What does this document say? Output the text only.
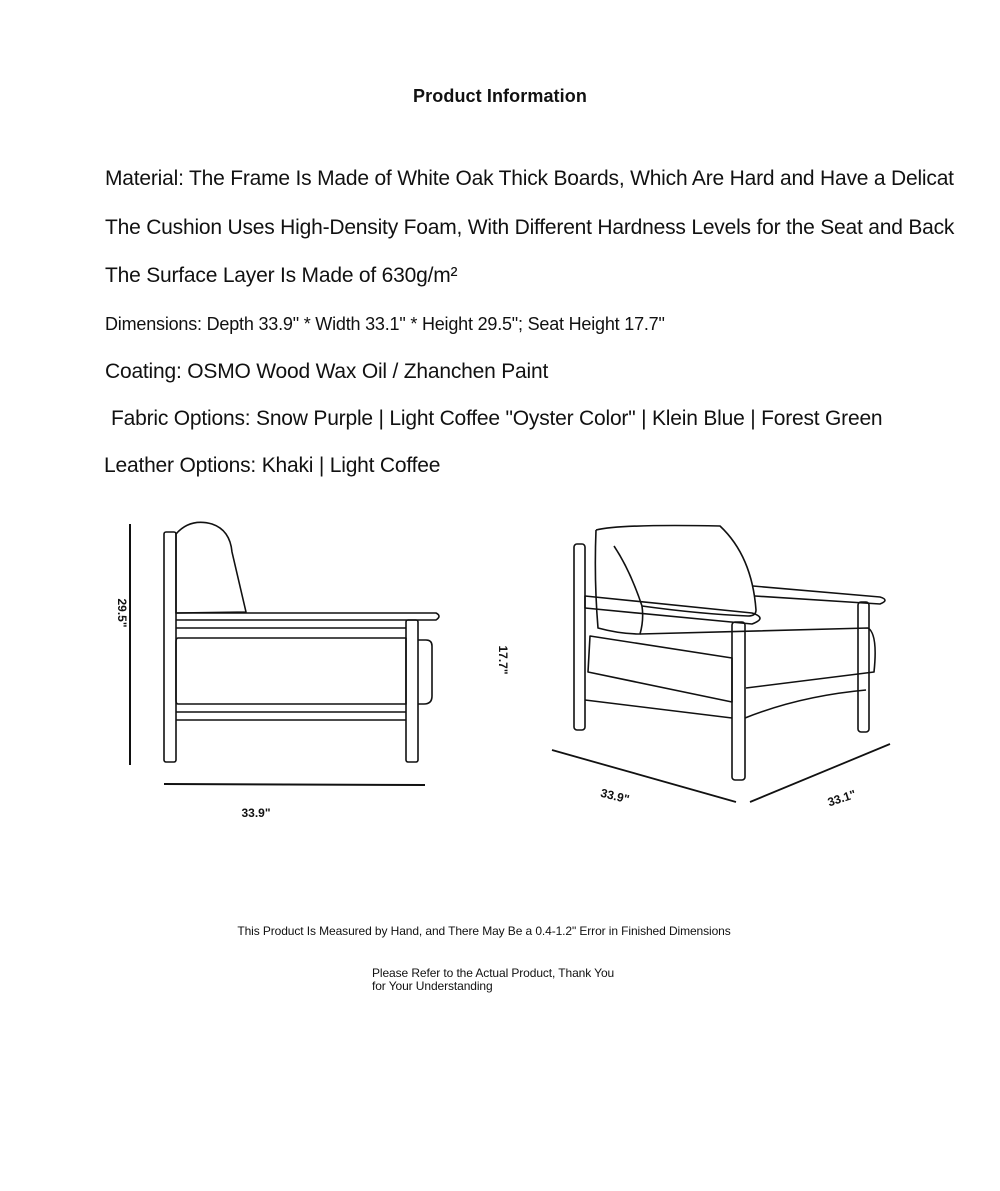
Product Information

Material: The Frame Is Made of White Oak Thick Boards, Which Are Hard and Have a Delicat

The Cushion Uses High-Density Foam, With Different Hardness Levels for the Seat and Back

The Surface Layer Is Made of 630g/m²

Dimensions: Depth 33.9" * Width 33.1" * Height 29.5"; Seat Height 17.7"

Coating: OSMO Wood Wax Oil / Zhanchen Paint

Fabric Options: Snow Purple | Light Coffee "Oyster Color" | Klein Blue | Forest Green

Leather Options: Khaki | Light Coffee

29.5"
33.9"
17.7"
33.9"	33.1"

This Product Is Measured by Hand, and There May Be a 0.4-1.2" Error in Finished Dimensions

Please Refer to the Actual Product, Thank You
for Your Understanding
